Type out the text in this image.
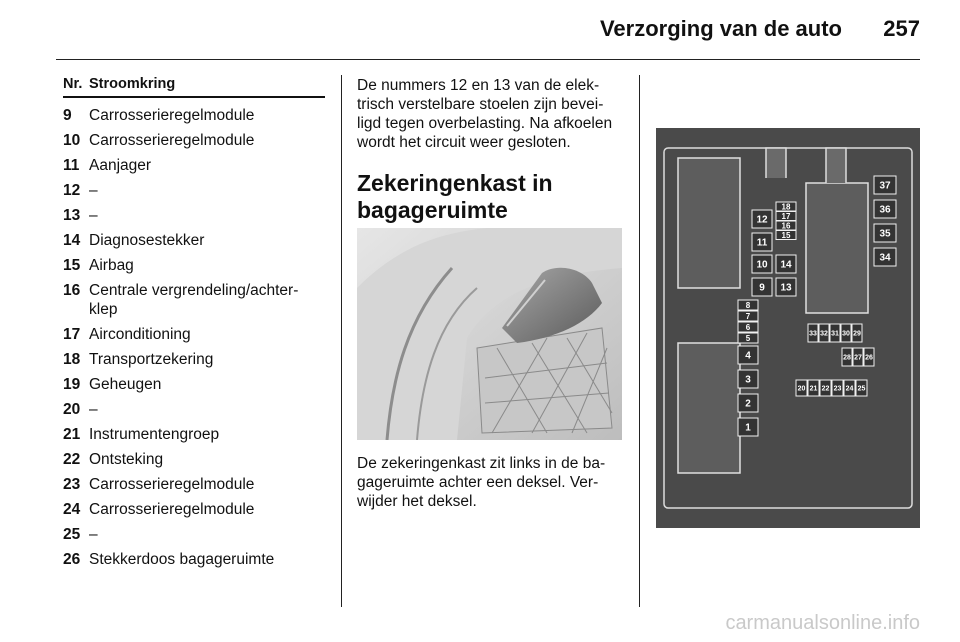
Verzorging van de auto 257
Nr. Stroomkring
9	Carrosserieregelmodule
10 Carrosserieregelmodule
11 Aanjager
12 –
13 –
14 Diagnosestekker
15 Airbag
16 Centrale vergrendeling/achter-klep
17 Airconditioning
18 Transportzekering
19 Geheugen
20 –
21 Instrumentengroep
22 Ontsteking
23 Carrosserieregelmodule
24 Carrosserieregelmodule
25 –
26 Stekkerdoos bagageruimte

De nummers 12 en 13 van de elek-trisch verstelbare stoelen zijn bevei-ligd tegen overbelasting. Na afkoelen wordt het circuit weer gesloten.

Zekeringenkast in bagageruimte

De zekeringenkast zit links in de ba-gageruimte achter een deksel. Ver-wijder het deksel.

8
7
6
5
4
3
2
1
12
11
10
9
14
13
18
17
16
15
37
36
35
34
33 32 31 30 29
28 27 26
20 21 22 23 24 25
carmanualsonline.info
